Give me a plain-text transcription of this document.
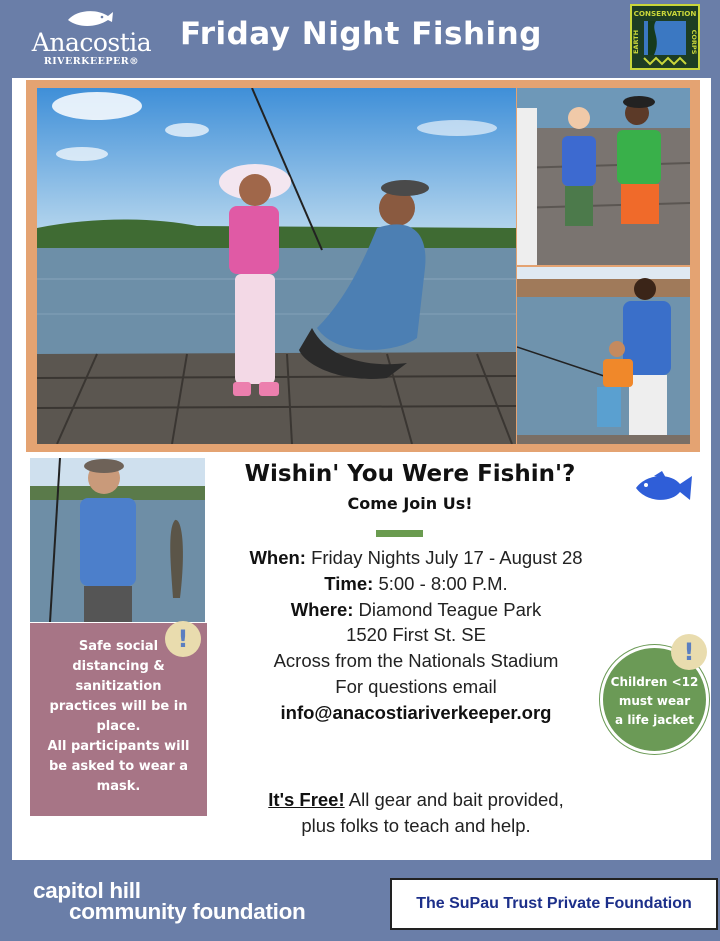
Anacostia
RIVERKEEPER®
Friday Night Fishing
CONSERVATION
EARTH	CORPS
Safe social
distancing &
sanitization
practices will be in
place.
All participants will
be asked to wear a
mask.
!
Wishin' You Were Fishin'?
Come Join Us!
When: Friday Nights July 17 - August 28
Time: 5:00 - 8:00 P.M.
Where: Diamond Teague Park
1520 First St. SE
Across from the Nationals Stadium
For questions email
info@anacostiariverkeeper.org
Children <12
must wear
a life jacket
!
It's Free! All gear and bait provided,
plus folks to teach and help.
capitol hill
community foundation	The SuPau Trust Private Foundation
